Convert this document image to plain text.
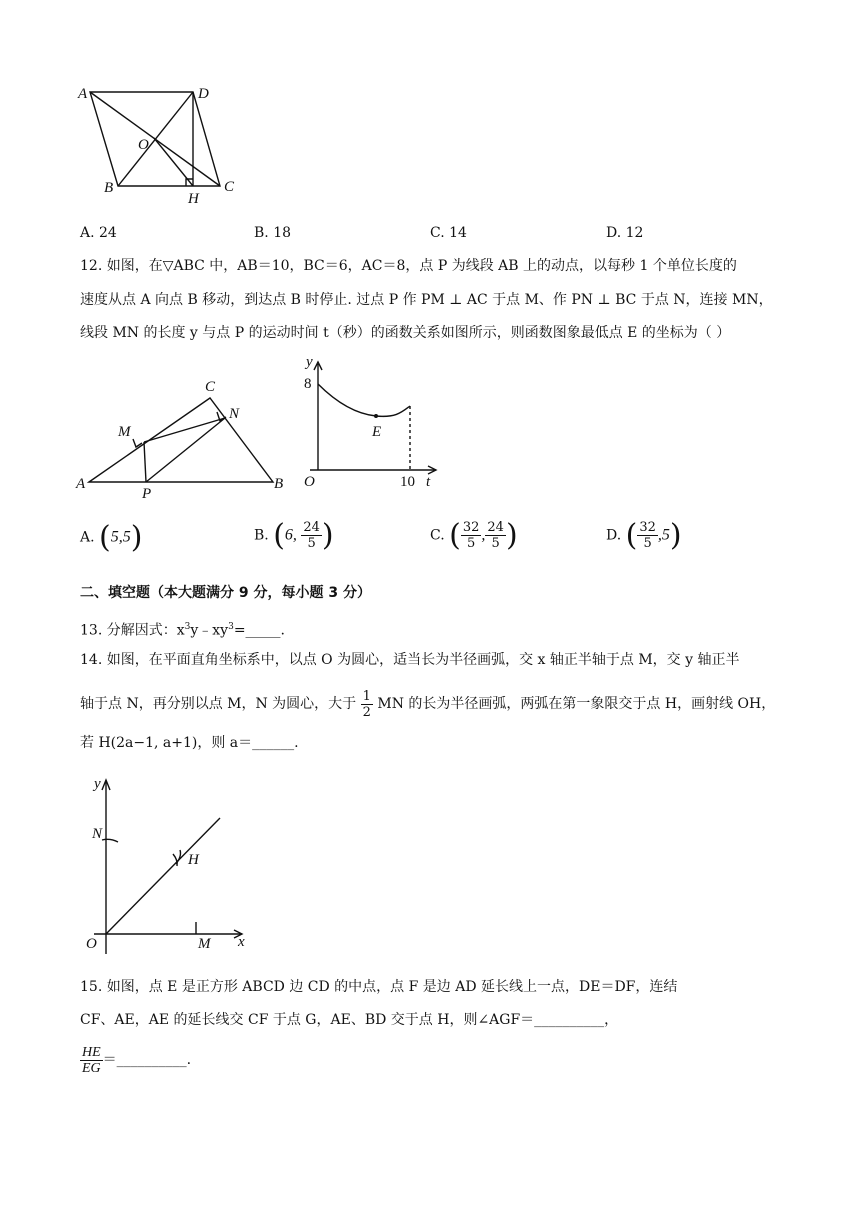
A	D
O
B
H
C
A. 24	B. 18	C. 14	D. 12
12. 如图，在▽ABC 中，AB＝10，BC＝6，AC＝8，点 P 为线段 AB 上的动点，以每秒 1 个单位长度的
速度从点 A 向点 B 移动，到达点 B 时停止. 过点 P 作 PM ⊥ AC 于点 M、作 PN ⊥ BC 于点 N，连接 MN，
线段 MN 的长度 y 与点 P 的运动时间 t（秒）的函数关系如图所示，则函数图象最低点 E 的坐标为（ ）
A	B
C
M
N
P
y
8
E
O	10 t
A. (5,5)	B. (6, $\frac{24}{5}$ )	C. ( $\frac{32}{5}$ , $\frac{24}{5}$ )	D. ( $\frac{32}{5} ,5$)
二、填空题（本大题满分 9 分，每小题 3 分）
13. 分解因式：$x^3y﹣xy^3=\_\_\_\_\_$.
14. 如图，在平面直角坐标系中，以点 O 为圆心，适当长为半径画弧，交 x 轴正半轴于点 M，交 y 轴正半
轴于点 N，再分别以点 M，N 为圆心，大于 $\frac{1}{2}$ MN 的长为半径画弧，两弧在第一象限交于点 H，画射线 OH，
若 H(2a−1, a+1)，则 a＝______.
y
N
H
O	M x
15. 如图，点 E 是正方形 ABCD 边 CD 的中点，点 F 是边 AD 延长线上一点，DE＝DF，连结
CF、AE，AE 的延长线交 CF 于点 G，AE、BD 交于点 H，则∠AGF＝__________，
$\frac{HE}{EG}$ ＝__________.
